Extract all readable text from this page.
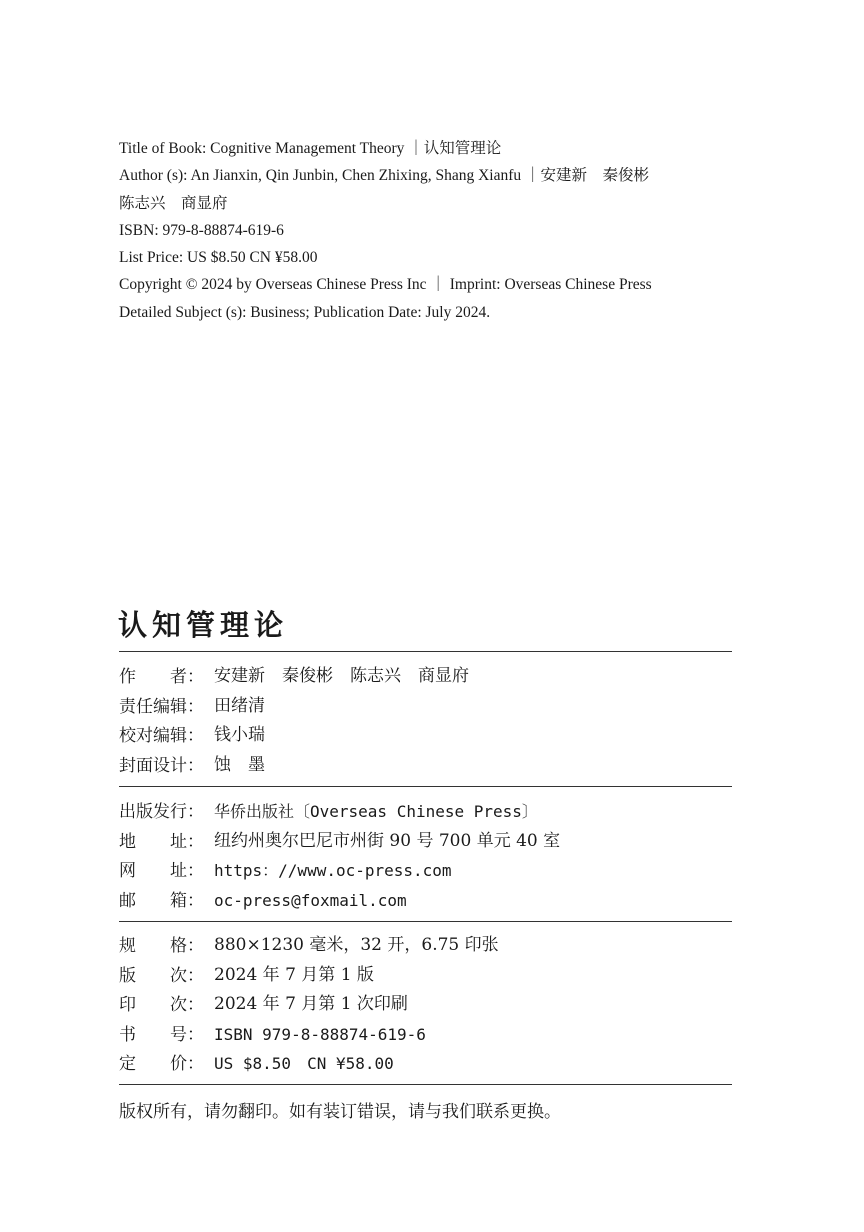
Title of Book: Cognitive Management Theory ｜认知管理论
Author (s): An Jianxin, Qin Junbin, Chen Zhixing, Shang Xianfu ｜安建新　秦俊彬
陈志兴　商显府
ISBN: 979-8-88874-619-6
List Price: US $8.50 CN ¥58.00
Copyright © 2024 by Overseas Chinese Press Inc ｜ Imprint: Overseas Chinese Press
Detailed Subject (s): Business; Publication Date: July 2024.
认知管理论
作　　者： 安建新　秦俊彬　陈志兴　商显府
责任编辑： 田绪清
校对编辑： 钱小瑞
封面设计： 蚀　墨
出版发行： 华侨出版社〔Overseas Chinese Press〕
地　　址： 纽约州奥尔巴尼市州街 90 号 700 单元 40 室
网　　址： https：//www.oc-press.com
邮　　箱： oc-press@foxmail.com
规　　格： 880×1230 毫米，32 开，6.75 印张
版　　次： 2024 年 7 月第 1 版
印　　次： 2024 年 7 月第 1 次印刷
书　　号： ISBN 979-8-88874-619-6
定　　价： US $8.50　CN ¥58.00
版权所有，请勿翻印。如有装订错误，请与我们联系更换。
